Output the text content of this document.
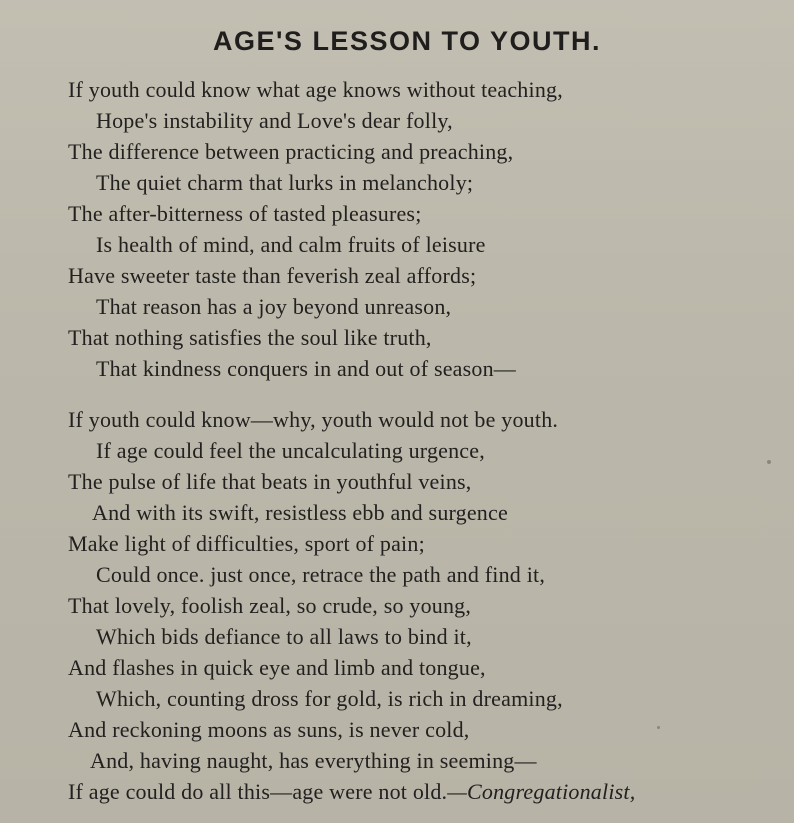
AGE'S LESSON TO YOUTH.
If youth could know what age knows without teaching,
Hope's instability and Love's dear folly,
The difference between practicing and preaching,
The quiet charm that lurks in melancholy;
The after-bitterness of tasted pleasures;
Is health of mind, and calm fruits of leisure
Have sweeter taste than feverish zeal affords;
That reason has a joy beyond unreason,
That nothing satisfies the soul like truth,
That kindness conquers in and out of season—
If youth could know—why, youth would not be youth.
If age could feel the uncalculating urgence,
The pulse of life that beats in youthful veins,
And with its swift, resistless ebb and surgence
Make light of difficulties, sport of pain;
Could once. just once, retrace the path and find it,
That lovely, foolish zeal, so crude, so young,
Which bids defiance to all laws to bind it,
And flashes in quick eye and limb and tongue,
Which, counting dross for gold, is rich in dreaming,
And reckoning moons as suns, is never cold,
And, having naught, has everything in seeming—
If age could do all this—age were not old.—Congregationalist,
